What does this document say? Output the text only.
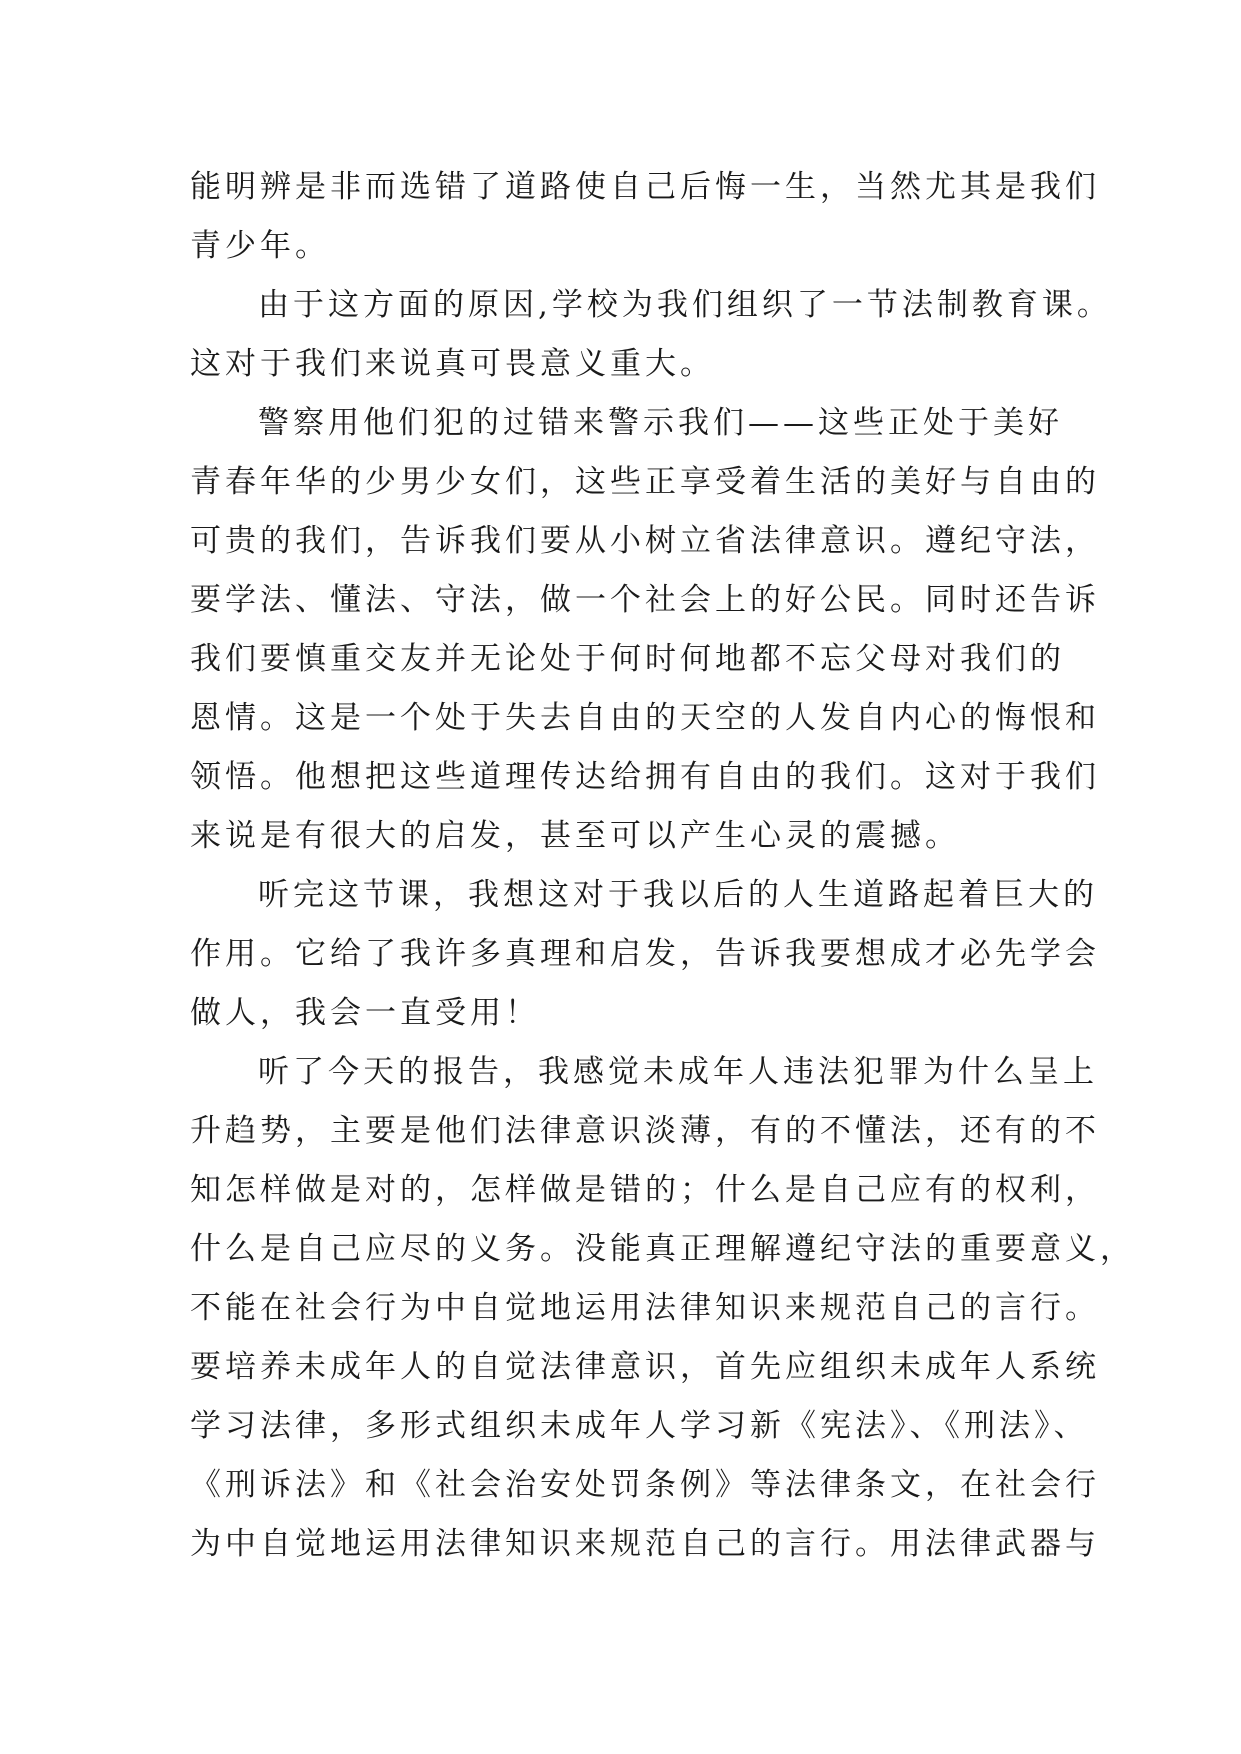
能明辨是非而选错了道路使自己后悔一生，当然尤其是我们
青少年。
由于这方面的原因,学校为我们组织了一节法制教育课。
这对于我们来说真可畏意义重大。
警察用他们犯的过错来警示我们——这些正处于美好
青春年华的少男少女们，这些正享受着生活的美好与自由的
可贵的我们，告诉我们要从小树立省法律意识。遵纪守法，
要学法、懂法、守法，做一个社会上的好公民。同时还告诉
我们要慎重交友并无论处于何时何地都不忘父母对我们的
恩情。这是一个处于失去自由的天空的人发自内心的悔恨和
领悟。他想把这些道理传达给拥有自由的我们。这对于我们
来说是有很大的启发，甚至可以产生心灵的震撼。
听完这节课，我想这对于我以后的人生道路起着巨大的
作用。它给了我许多真理和启发，告诉我要想成才必先学会
做人，我会一直受用！
听了今天的报告，我感觉未成年人违法犯罪为什么呈上
升趋势，主要是他们法律意识淡薄，有的不懂法，还有的不
知怎样做是对的，怎样做是错的；什么是自己应有的权利，
什么是自己应尽的义务。没能真正理解遵纪守法的重要意义，
不能在社会行为中自觉地运用法律知识来规范自己的言行。
要培养未成年人的自觉法律意识，首先应组织未成年人系统
学习法律，多形式组织未成年人学习新《宪法》、《刑法》、
《刑诉法》和《社会治安处罚条例》等法律条文，在社会行
为中自觉地运用法律知识来规范自己的言行。用法律武器与
